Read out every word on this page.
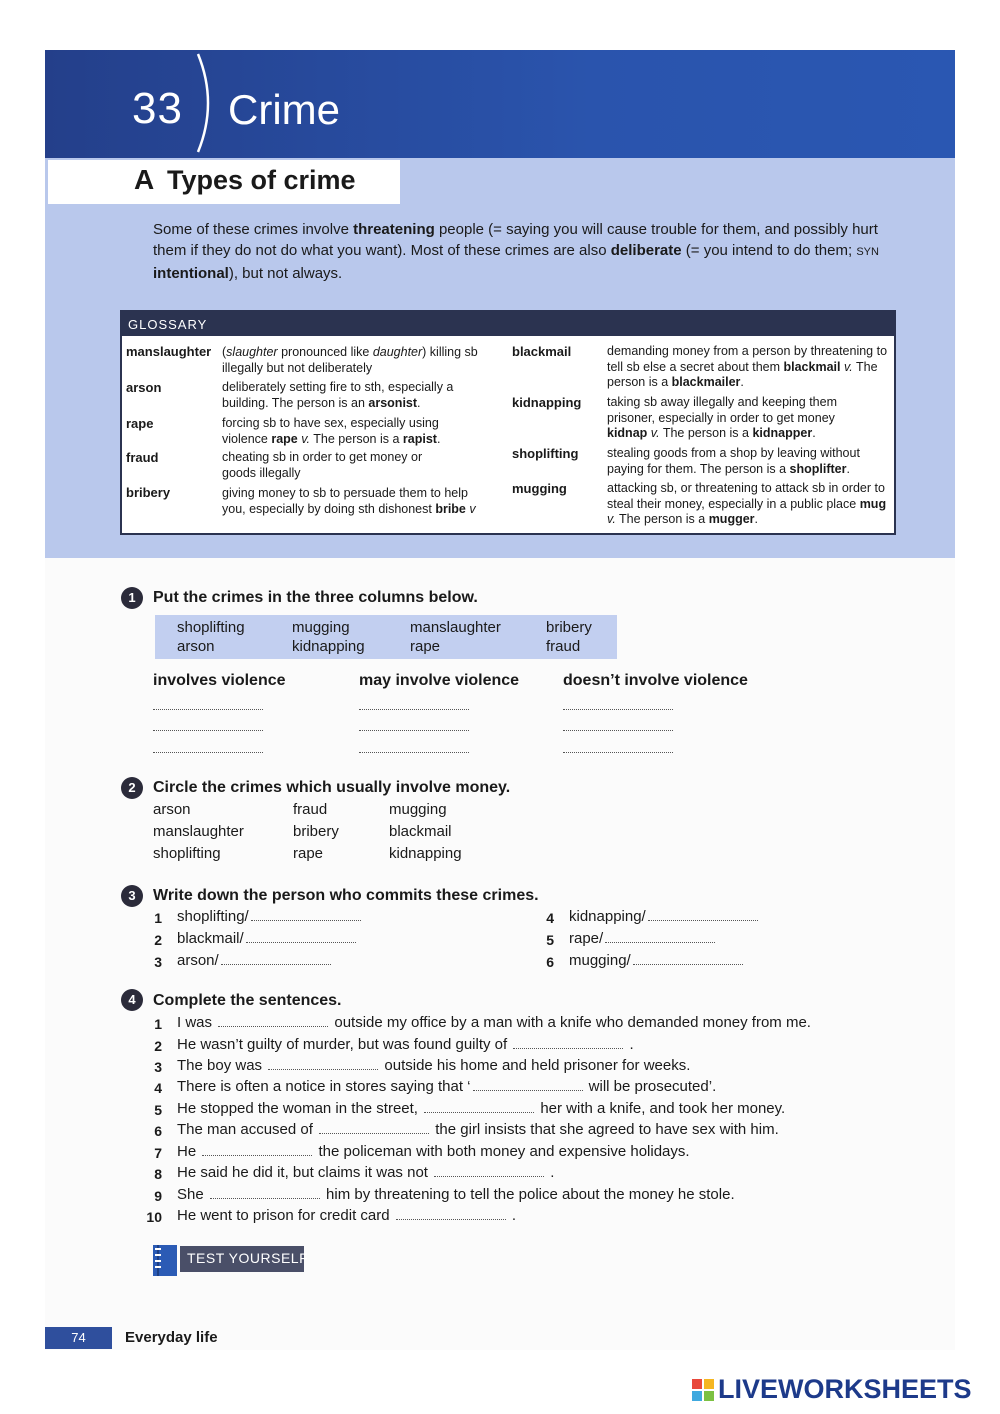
33 Crime
A Types of crime
Some of these crimes involve threatening people (= saying you will cause trouble for them, and possibly hurt them if they do not do what you want). Most of these crimes are also deliberate (= you intend to do them; SYN intentional), but not always.
GLOSSARY
manslaughter (slaughter pronounced like daughter) killing sb illegally but not deliberately
arson	deliberately setting fire to sth, especially a building. The person is an arsonist.
rape	forcing sb to have sex, especially using violence rape v. The person is a rapist.
fraud	cheating sb in order to get money or goods illegally
bribery	giving money to sb to persuade them to help you, especially by doing sth dishonest bribe v
blackmail	demanding money from a person by threatening to tell sb else a secret about them blackmail v. The person is a blackmailer.
kidnapping taking sb away illegally and keeping them prisoner, especially in order to get money kidnap v. The person is a kidnapper.
shoplifting stealing goods from a shop by leaving without paying for them. The person is a shoplifter.
mugging	attacking sb, or threatening to attack sb in order to steal their money, especially in a public place mug v. The person is a mugger.
1	Put the crimes in the three columns below.
shoplifting	mugging	manslaughter	bribery
arson	kidnapping	rape	fraud
involves violence	may involve violence	doesn’t involve violence
2	Circle the crimes which usually involve money.
arson	fraud	mugging
manslaughter	bribery	blackmail
shoplifting	rape	kidnapping
3	Write down the person who commits these crimes.
1 shoplifting/
2 blackmail/
3 arson/
4 kidnapping/
5 rape/
6 mugging/
4	Complete the sentences.
1 I was	outside my office by a man with a knife who demanded money from me.
2 He wasn’t guilty of murder, but was found guilty of	.
3 The boy was	outside his home and held prisoner for weeks.
4 There is often a notice in stores saying that ‘	will be prosecuted’.
5 He stopped the woman in the street,	her with a knife, and took her money.
6 The man accused of	the girl insists that she agreed to have sex with him.
7 He	the policeman with both money and expensive holidays.
8 He said he did it, but claims it was not	.
9 She	him by threatening to tell the police about the money he stole.
10 He went to prison for credit card	.
TEST YOURSELF
74	Everyday life
LIVEWORKSHEETS
